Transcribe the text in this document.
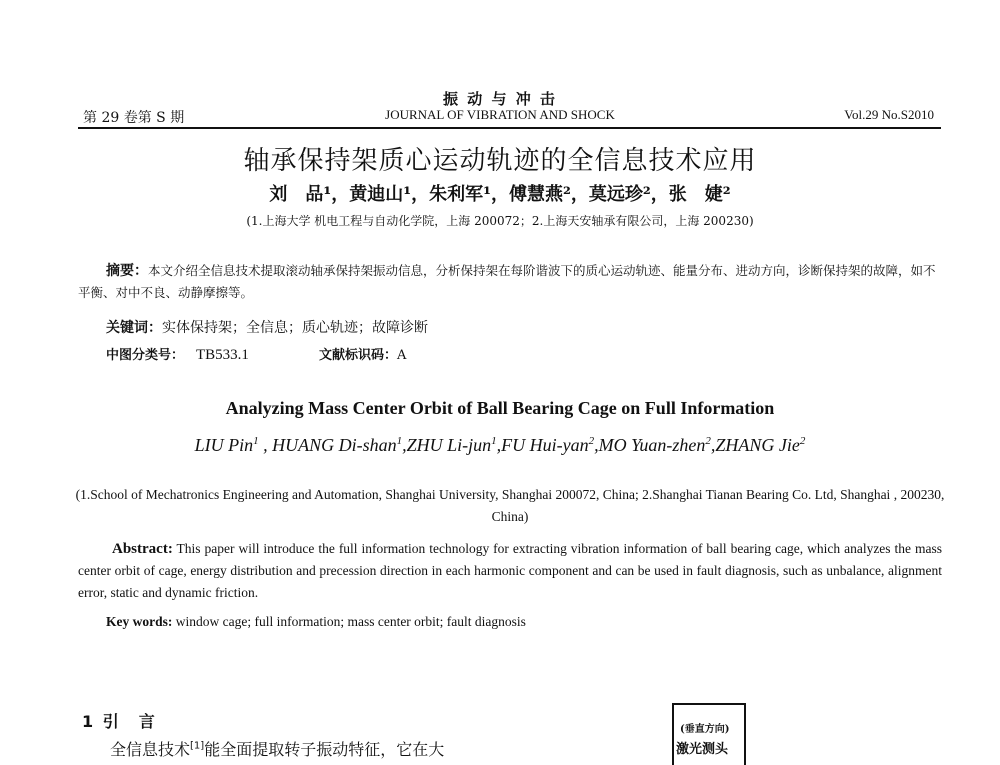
振 动 与 冲 击
第 29 卷第 S 期	JOURNAL OF VIBRATION AND SHOCK	Vol.29 No.S2010
轴承保持架质心运动轨迹的全信息技术应用
刘　品¹，黄迪山¹，朱利军¹，傅慧燕²，莫远珍²，张　婕²
(1.上海大学 机电工程与自动化学院，上海 200072；2.上海天安轴承有限公司，上海 200230)
摘要：本文介绍全信息技术提取滚动轴承保持架振动信息，分析保持架在每阶谐波下的质心运动轨迹、能量分布、进动方向，诊断保持架的故障，如不平衡、对中不良、动静摩擦等。
关键词：实体保持架；全信息；质心轨迹；故障诊断
中图分类号： TB533.1	文献标识码：A
Analyzing Mass Center Orbit of Ball Bearing Cage on Full Information
LIU Pin$^1$ , HUANG Di-shan$^1$,ZHU Li-jun$^1$,FU Hui-yan$^2$,MO Yuan-zhen$^2$,ZHANG Jie$^2$
(1.School of Mechatronics Engineering and Automation, Shanghai University, Shanghai 200072, China; 2.Shanghai Tianan Bearing Co. Ltd, Shanghai , 200230, China)
Abstract: This paper will introduce the full information technology for extracting vibration information of ball bearing cage, which analyzes the mass center orbit of cage, energy distribution and precession direction in each harmonic component and can be used in fault diagnosis, such as unbalance, alignment error, static and dynamic friction.
Key words: window cage; full information; mass center orbit; fault diagnosis
1 引　言
全信息技术[1]能全面提取转子振动特征，它在大
(垂直方向)
激光测头
